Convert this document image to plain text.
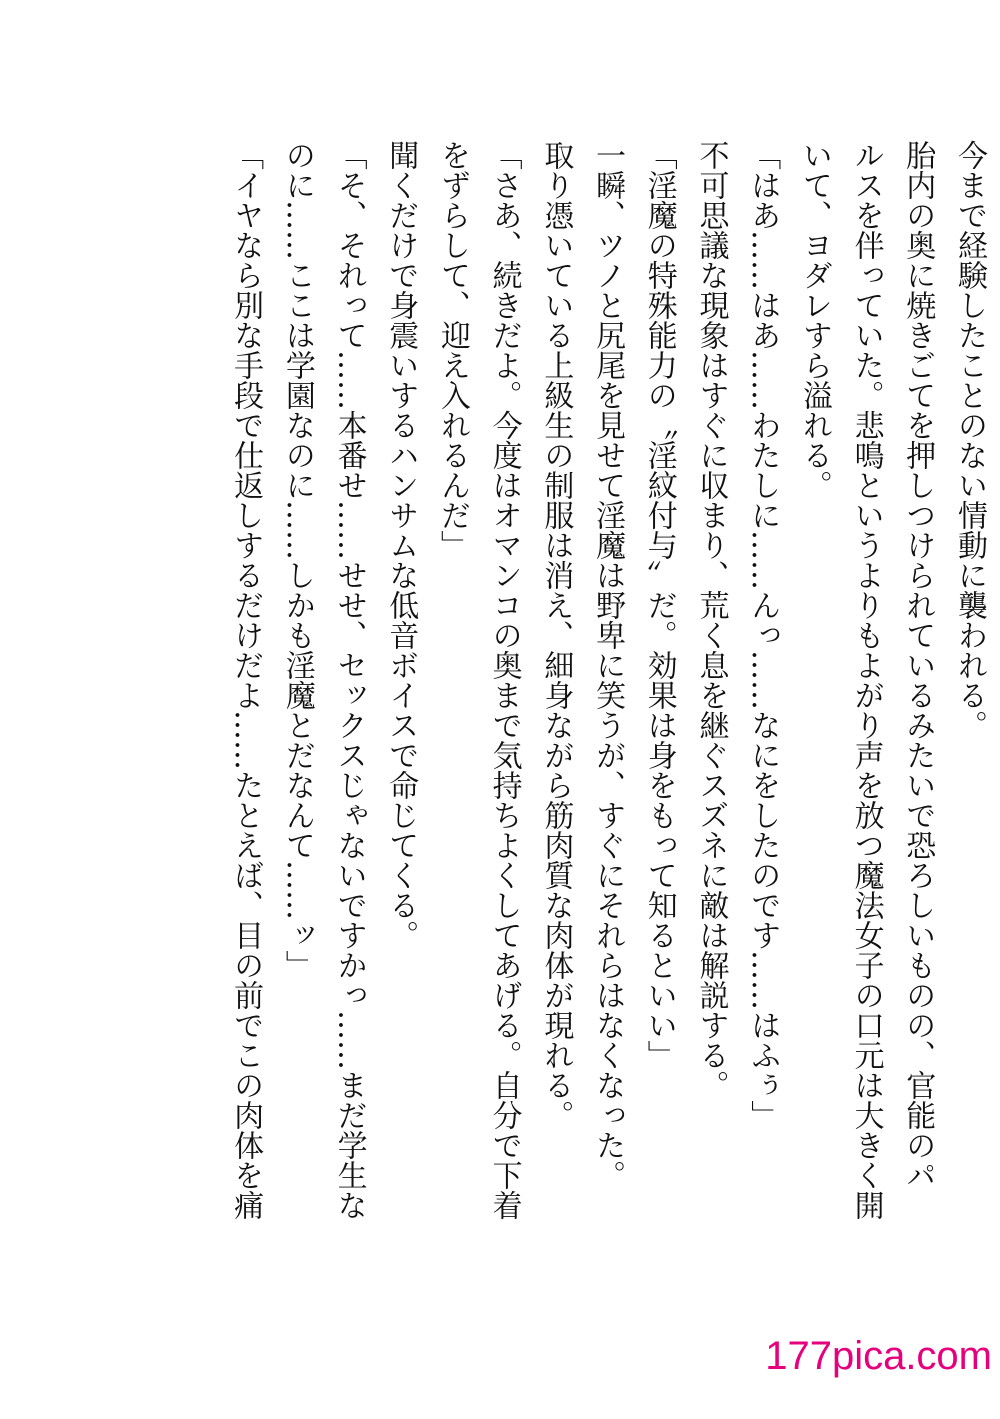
今まで経験したことのない情動に襲われる。
胎内の奥に焼きごてを押しつけられているみたいで恐ろしいものの、官能のパ
ルスを伴っていた。悲鳴というよりもよがり声を放つ魔法女子の口元は大きく開
いて、ヨダレすら溢れる。
「はあ……はあ……わたしに……んっ……なにをしたのです……はふぅ」
不可思議な現象はすぐに収まり、荒く息を継ぐスズネに敵は解説する。
「淫魔の特殊能力の〝淫紋付与〟だ。効果は身をもって知るといい」
一瞬、ツノと尻尾を見せて淫魔は野卑に笑うが、すぐにそれらはなくなった。
取り憑いている上級生の制服は消え、細身ながら筋肉質な肉体が現れる。
「さあ、続きだよ。今度はオマンコの奥まで気持ちよくしてあげる。自分で下着
をずらして、迎え入れるんだ」
聞くだけで身震いするハンサムな低音ボイスで命じてくる。
「そ、それって……本番せ……せせ、セックスじゃないですかっ……まだ学生な
のに……ここは学園なのに……しかも淫魔とだなんて……ッ」
「イヤなら別な手段で仕返しするだけだよ……たとえば、目の前でこの肉体を痛
177pica.com
